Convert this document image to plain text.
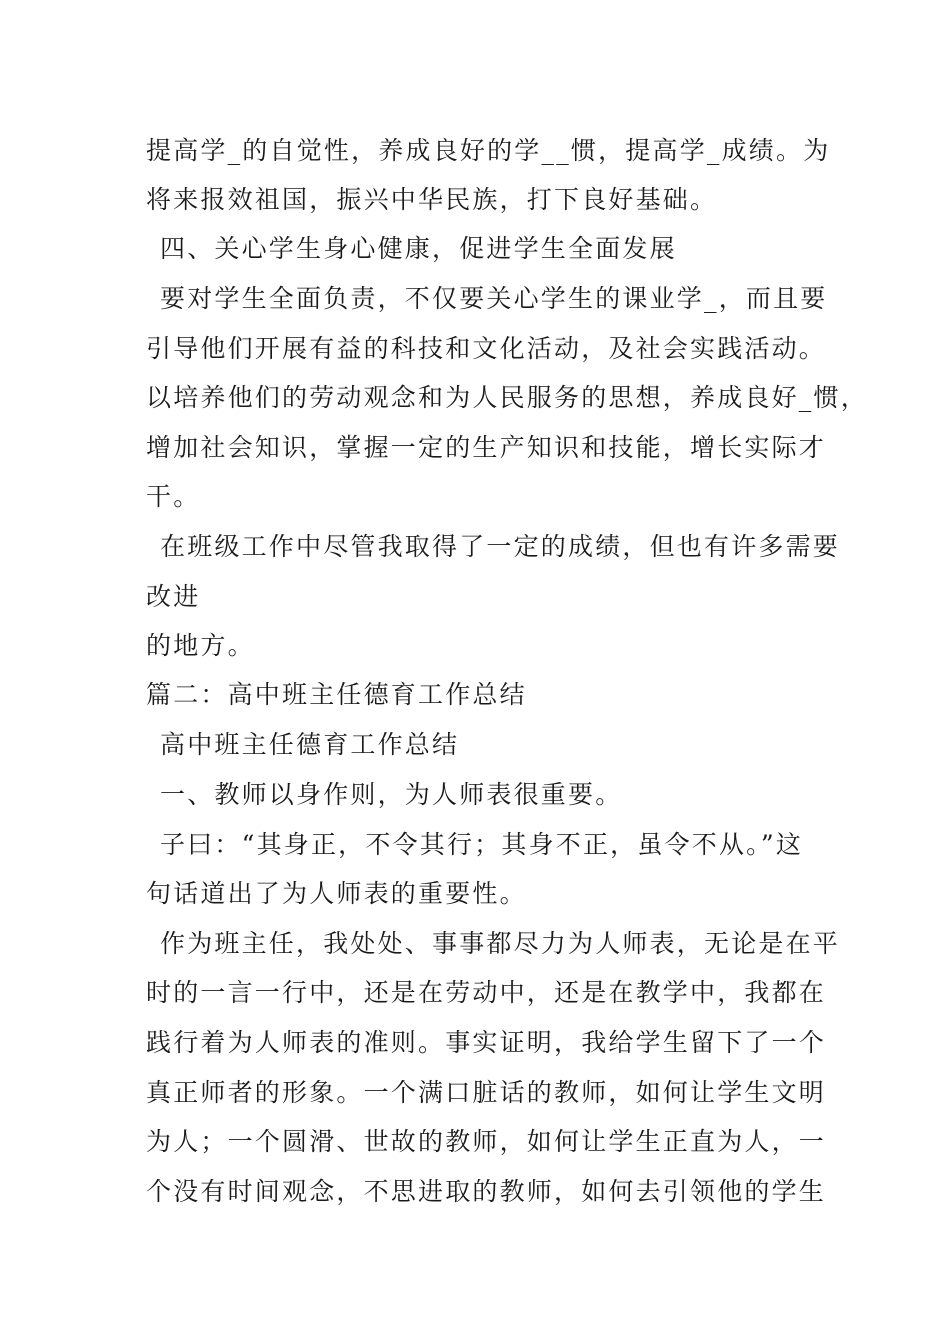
提高学_的自觉性，养成良好的学__惯，提高学_成绩。为
将来报效祖国，振兴中华民族，打下良好基础。
四、关心学生身心健康，促进学生全面发展
要对学生全面负责，不仅要关心学生的课业学_，而且要
引导他们开展有益的科技和文化活动，及社会实践活动。
以培养他们的劳动观念和为人民服务的思想，养成良好_惯，
增加社会知识，掌握一定的生产知识和技能，增长实际才
干。
在班级工作中尽管我取得了一定的成绩，但也有许多需要
改进
的地方。
篇二：高中班主任德育工作总结
高中班主任德育工作总结
一、教师以身作则，为人师表很重要。
子曰：“其身正，不令其行；其身不正，虽令不从。”这
句话道出了为人师表的重要性。
作为班主任，我处处、事事都尽力为人师表，无论是在平
时的一言一行中，还是在劳动中，还是在教学中，我都在
践行着为人师表的准则。事实证明，我给学生留下了一个
真正师者的形象。一个满口脏话的教师，如何让学生文明
为人；一个圆滑、世故的教师，如何让学生正直为人，一
个没有时间观念，不思进取的教师，如何去引领他的学生
